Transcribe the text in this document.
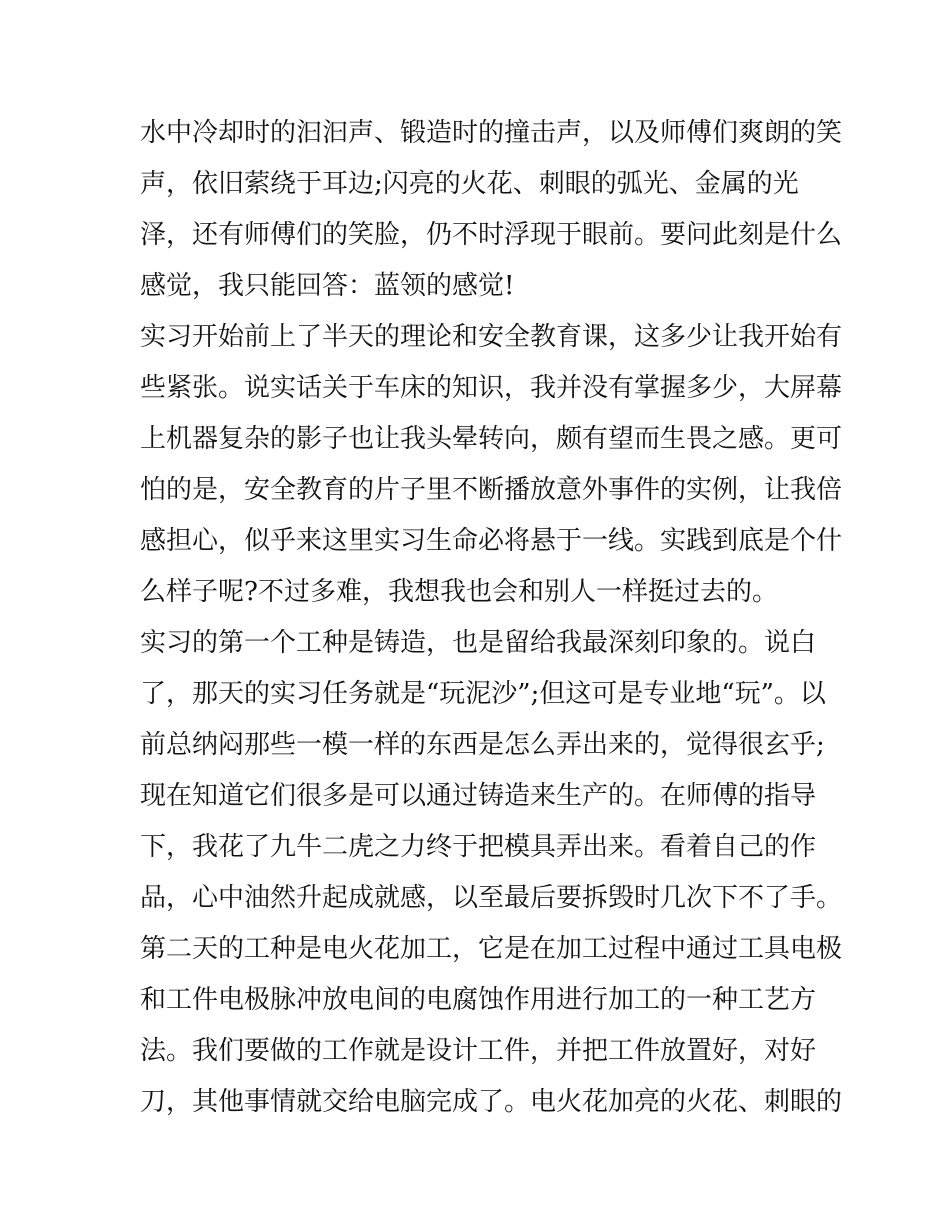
水中冷却时的汩汩声、锻造时的撞击声，以及师傅们爽朗的笑
声，依旧萦绕于耳边;闪亮的火花、刺眼的弧光、金属的光
泽，还有师傅们的笑脸，仍不时浮现于眼前。要问此刻是什么
感觉，我只能回答：蓝领的感觉!
实习开始前上了半天的理论和安全教育课，这多少让我开始有
些紧张。说实话关于车床的知识，我并没有掌握多少，大屏幕
上机器复杂的影子也让我头晕转向，颇有望而生畏之感。更可
怕的是，安全教育的片子里不断播放意外事件的实例，让我倍
感担心，似乎来这里实习生命必将悬于一线。实践到底是个什
么样子呢?不过多难，我想我也会和别人一样挺过去的。
实习的第一个工种是铸造，也是留给我最深刻印象的。说白
了，那天的实习任务就是“玩泥沙”;但这可是专业地“玩”。以
前总纳闷那些一模一样的东西是怎么弄出来的，觉得很玄乎;
现在知道它们很多是可以通过铸造来生产的。在师傅的指导
下，我花了九牛二虎之力终于把模具弄出来。看着自己的作
品，心中油然升起成就感，以至最后要拆毁时几次下不了手。
第二天的工种是电火花加工，它是在加工过程中通过工具电极
和工件电极脉冲放电间的电腐蚀作用进行加工的一种工艺方
法。我们要做的工作就是设计工件，并把工件放置好，对好
刀，其他事情就交给电脑完成了。电火花加亮的火花、刺眼的
